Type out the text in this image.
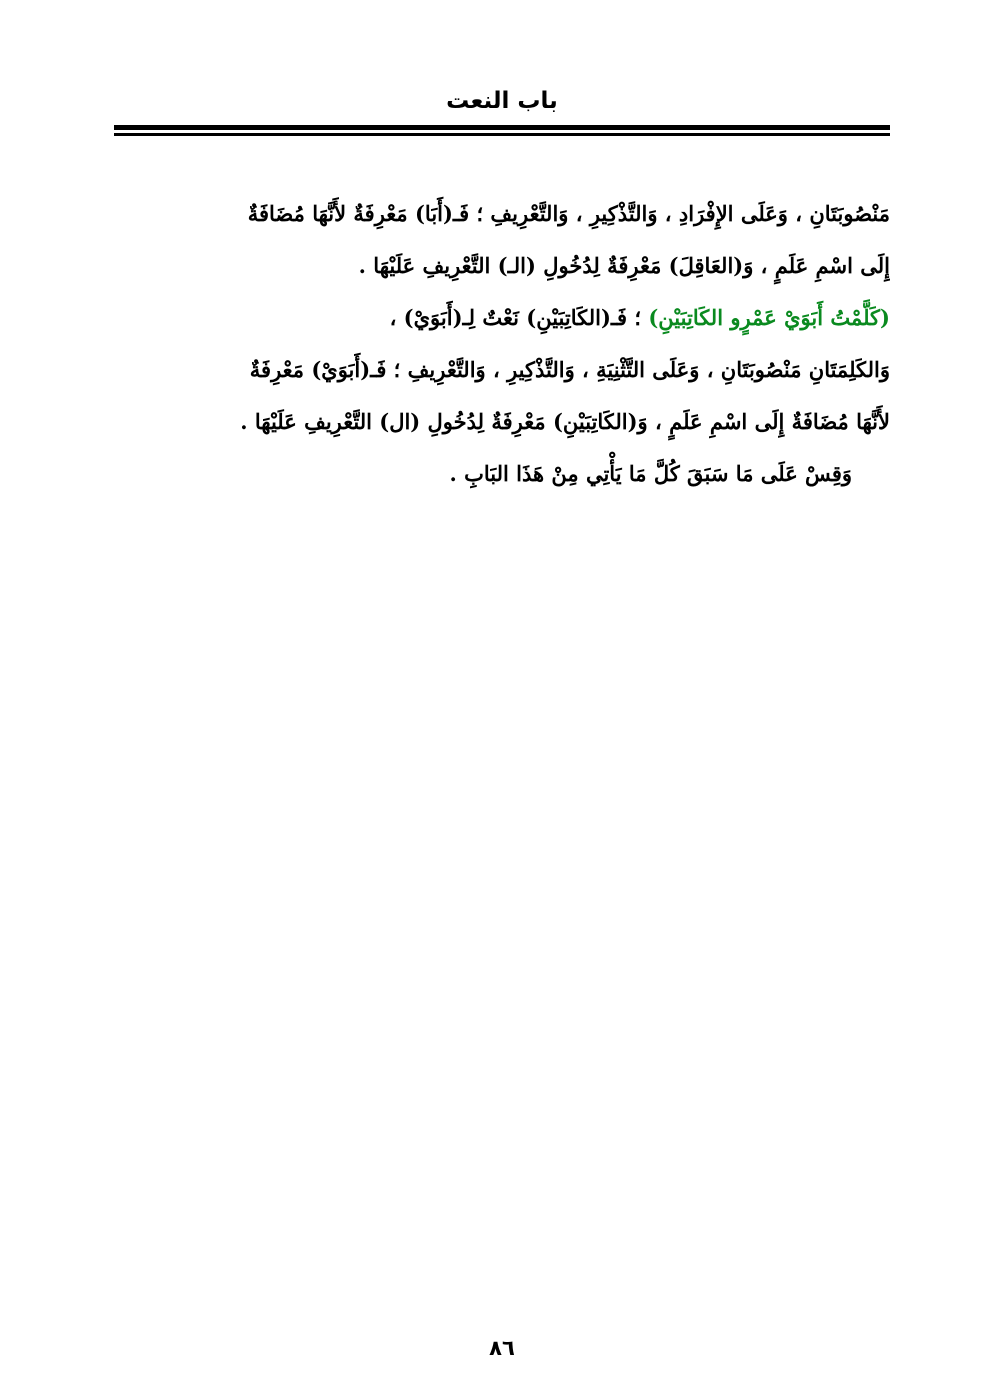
باب النعت
مَنْصُوبَتَانِ ، وَعَلَى الإِفْرَادِ ، وَالتَّذْكِيرِ ، وَالتَّعْرِيفِ ؛ فَـ(أَبَا) مَعْرِفَةٌ لأَنَّهَا مُضَافَةٌ
إِلَى اسْمِ عَلَمٍ ، وَ(العَاقِلَ) مَعْرِفَةٌ لِدُخُولِ (الـ) التَّعْرِيفِ عَلَيْهَا .
(كَلَّمْتُ أَبَوَيْ عَمْرٍو الكَاتِبَيْنِ) ؛ فَـ(الكَاتِبَيْنِ) نَعْتٌ لِـ(أَبَوَيْ) ،
وَالكَلِمَتَانِ مَنْصُوبَتَانِ ، وَعَلَى التَّثْنِيَةِ ، وَالتَّذْكِيرِ ، وَالتَّعْرِيفِ ؛ فَـ(أَبَوَيْ) مَعْرِفَةٌ
لأَنَّهَا مُضَافَةٌ إِلَى اسْمِ عَلَمٍ ، وَ(الكَاتِبَيْنِ) مَعْرِفَةٌ لِدُخُولِ (ال) التَّعْرِيفِ عَلَيْهَا .
وَقِسْ عَلَى مَا سَبَقَ كُلَّ مَا يَأْتِي مِنْ هَذَا البَابِ .
٨٦
